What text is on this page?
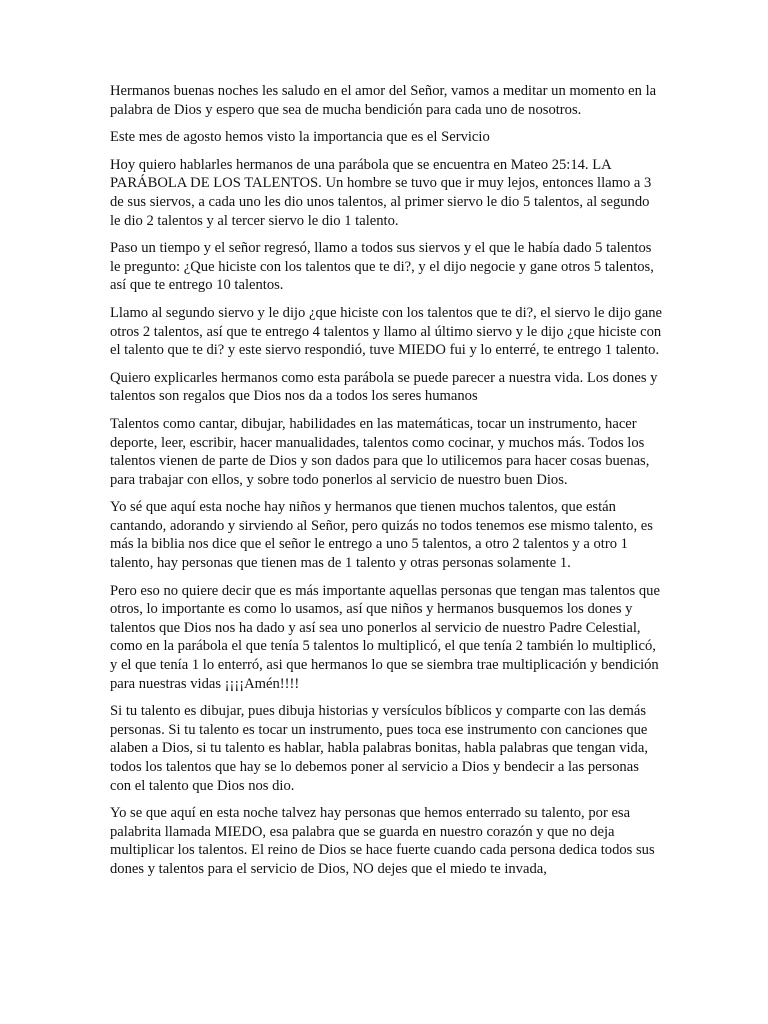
Hermanos buenas noches les saludo en el amor del Señor, vamos a meditar un momento en la palabra de Dios y espero que sea de mucha bendición para cada uno de nosotros.

Este mes de agosto hemos visto la importancia que es el Servicio

Hoy quiero hablarles hermanos de una parábola que se encuentra en Mateo 25:14. LA PARÁBOLA DE LOS TALENTOS. Un hombre se tuvo que ir muy lejos, entonces llamo a 3 de sus siervos, a cada uno les dio unos talentos, al primer siervo le dio 5 talentos, al segundo le dio 2 talentos y al tercer siervo le dio 1 talento.

Paso un tiempo y el señor regresó, llamo a todos sus siervos y el que le había dado 5 talentos le pregunto: ¿Que hiciste con los talentos que te di?, y el dijo negocie y gane otros 5 talentos, así que te entrego 10 talentos.

Llamo al segundo siervo y le dijo ¿que hiciste con los talentos que te di?, el siervo le dijo gane otros 2 talentos, así que te entrego 4 talentos y llamo al último siervo y le dijo ¿que hiciste con el talento que te di? y este siervo respondió, tuve MIEDO fui y lo enterré, te entrego 1 talento.

Quiero explicarles hermanos como esta parábola se puede parecer a nuestra vida. Los dones y talentos son regalos que Dios nos da a todos los seres humanos

Talentos como cantar, dibujar, habilidades en las matemáticas, tocar un instrumento, hacer deporte, leer, escribir, hacer manualidades, talentos como cocinar, y muchos más. Todos los talentos vienen de parte de Dios y son dados para que lo utilicemos para hacer cosas buenas, para trabajar con ellos, y sobre todo ponerlos al servicio de nuestro buen Dios.

Yo sé que aquí esta noche hay niños y hermanos que tienen muchos talentos, que están cantando, adorando y sirviendo al Señor, pero quizás no todos tenemos ese mismo talento, es más la biblia nos dice que el señor le entrego a uno 5 talentos, a otro 2 talentos y a otro 1 talento, hay personas que tienen mas de 1 talento y otras personas solamente 1.

Pero eso no quiere decir que es más importante aquellas personas que tengan mas talentos que otros, lo importante es como lo usamos, así que niños y hermanos busquemos los dones y talentos que Dios nos ha dado y así sea uno ponerlos al servicio de nuestro Padre Celestial, como en la parábola el que tenía 5 talentos lo multiplicó, el que tenía 2 también lo multiplicó, y el que tenía 1 lo enterró, asi que hermanos lo que se siembra trae multiplicación y bendición para nuestras vidas ¡¡¡¡Amén!!!!

Si tu talento es dibujar, pues dibuja historias y versículos bíblicos y comparte con las demás personas. Si tu talento es tocar un instrumento, pues toca ese instrumento con canciones que alaben a Dios, si tu talento es hablar, habla palabras bonitas, habla palabras que tengan vida, todos los talentos que hay se lo debemos poner al servicio a Dios y bendecir a las personas con el talento que Dios nos dio.

Yo se que aquí en esta noche talvez hay personas que hemos enterrado su talento, por esa palabrita llamada MIEDO, esa palabra que se guarda en nuestro corazón y que no deja multiplicar los talentos. El reino de Dios se hace fuerte cuando cada persona dedica todos sus dones y talentos para el servicio de Dios, NO dejes que el miedo te invada,
